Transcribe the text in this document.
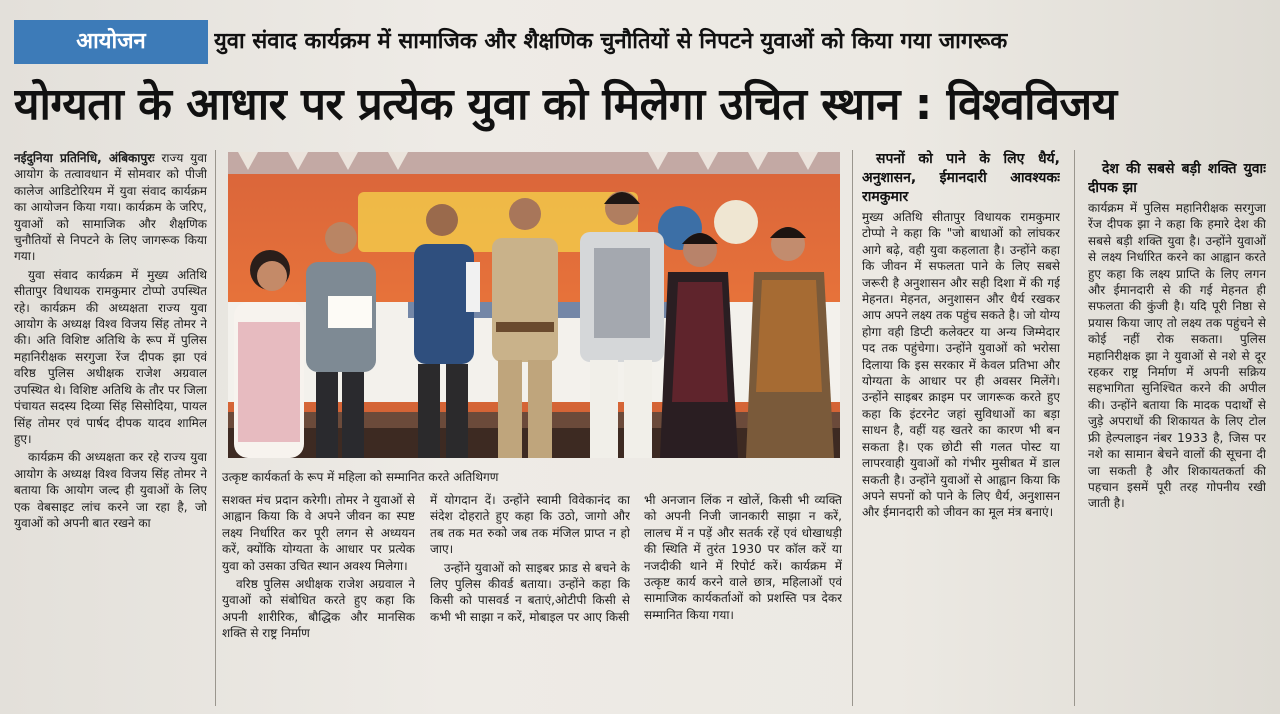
आयोजन	युवा संवाद कार्यक्रम में सामाजिक और शैक्षणिक चुनौतियों से निपटने युवाओं को किया गया जागरूक
योग्यता के आधार पर प्रत्येक युवा को मिलेगा उचित स्थान : विश्वविजय

नईदुनिया प्रतिनिधि, अंबिकापुरः राज्य युवा आयोग के तत्वावधान में सोमवार को पीजी कालेज आडिटोरियम में युवा संवाद कार्यक्रम का आयोजन किया गया। कार्यक्रम के जरिए, युवाओं को सामाजिक और शैक्षणिक चुनौतियों से निपटने के लिए जागरूक किया गया।

युवा संवाद कार्यक्रम में मुख्य अतिथि सीतापुर विधायक रामकुमार टोप्पो उपस्थित रहे। कार्यक्रम की अध्यक्षता राज्य युवा आयोग के अध्यक्ष विश्व विजय सिंह तोमर ने की। अति विशिष्ट अतिथि के रूप में पुलिस महानिरीक्षक सरगुजा रेंज दीपक झा एवं वरिष्ठ पुलिस अधीक्षक राजेश अग्रवाल उपस्थित थे। विशिष्ट अतिथि के तौर पर जिला पंचायत सदस्य दिव्या सिंह सिसोदिया, पायल सिंह तोमर एवं पार्षद दीपक यादव शामिल हुए।

कार्यक्रम की अध्यक्षता कर रहे राज्य युवा आयोग के अध्यक्ष विश्व विजय सिंह तोमर ने बताया कि आयोग जल्द ही युवाओं के लिए एक वेबसाइट लांच करने जा रहा है, जो युवाओं को अपनी बात रखने का

उत्कृष्ट कार्यकर्ता के रूप में महिला को सम्मानित करते अतिथिगण

सशक्त मंच प्रदान करेगी। तोमर ने युवाओं से आह्वान किया कि वे अपने जीवन का स्पष्ट लक्ष्य निर्धारित कर पूरी लगन से अध्ययन करें, क्योंकि योग्यता के आधार पर प्रत्येक युवा को उसका उचित स्थान अवश्य मिलेगा।

वरिष्ठ पुलिस अधीक्षक राजेश अग्रवाल ने युवाओं को संबोधित करते हुए कहा कि अपनी शारीरिक, बौद्धिक और मानसिक शक्ति से राष्ट्र निर्माण

में योगदान दें। उन्होंने स्वामी विवेकानंद का संदेश दोहराते हुए कहा कि उठो, जागो और तब तक मत रुको जब तक मंजिल प्राप्त न हो जाए।

उन्होंने युवाओं को साइबर फ्राड से बचने के लिए पुलिस कीवर्ड बताया। उन्होंने कहा कि किसी को पासवर्ड न बताएं,ओटीपी किसी से कभी भी साझा न करें, मोबाइल पर आए किसी

भी अनजान लिंक न खोलें, किसी भी व्यक्ति को अपनी निजी जानकारी साझा न करें, लालच में न पड़ें और सतर्क रहें एवं धोखाधड़ी की स्थिति में तुरंत 1930 पर कॉल करें या नजदीकी थाने में रिपोर्ट करें। कार्यक्रम में उत्कृष्ट कार्य करने वाले छात्र, महिलाओं एवं सामाजिक कार्यकर्ताओं को प्रशस्ति पत्र देकर सम्मानित किया गया।

सपनों को पाने के लिए धैर्य, अनुशासन, ईमानदारी आवश्यकः रामकुमार

मुख्य अतिथि सीतापुर विधायक रामकुमार टोप्पो ने कहा कि "जो बाधाओं को लांघकर आगे बढ़े, वही युवा कहलाता है। उन्होंने कहा कि जीवन में सफलता पाने के लिए सबसे जरूरी है अनुशासन और सही दिशा में की गई मेहनत। मेहनत, अनुशासन और धैर्य रखकर आप अपने लक्ष्य तक पहुंच सकते है। जो योग्य होगा वही डिप्टी कलेक्टर या अन्य जिम्मेदार पद तक पहुंचेगा। उन्होंने युवाओं को भरोसा दिलाया कि इस सरकार में केवल प्रतिभा और योग्यता के आधार पर ही अवसर मिलेंगे। उन्होंने साइबर क्राइम पर जागरूक करते हुए कहा कि इंटरनेट जहां सुविधाओं का बड़ा साधन है, वहीं यह खतरे का कारण भी बन सकता है। एक छोटी सी गलत पोस्ट या लापरवाही युवाओं को गंभीर मुसीबत में डाल सकती है। उन्होंने युवाओं से आह्वान किया कि अपने सपनों को पाने के लिए धैर्य, अनुशासन और ईमानदारी को जीवन का मूल मंत्र बनाएं।

देश की सबसे बड़ी शक्ति युवाः दीपक झा

कार्यक्रम में पुलिस महानिरीक्षक सरगुजा रेंज दीपक झा ने कहा कि हमारे देश की सबसे बड़ी शक्ति युवा है। उन्होंने युवाओं से लक्ष्य निर्धारित करने का आह्वान करते हुए कहा कि लक्ष्य प्राप्ति के लिए लगन और ईमानदारी से की गई मेहनत ही सफलता की कुंजी है। यदि पूरी निष्ठा से प्रयास किया जाए तो लक्ष्य तक पहुंचने से कोई नहीं रोक सकता। पुलिस महानिरीक्षक झा ने युवाओं से नशे से दूर रहकर राष्ट्र निर्माण में अपनी सक्रिय सहभागिता सुनिश्चित करने की अपील की। उन्होंने बताया कि मादक पदार्थों से जुड़े अपराधों की शिकायत के लिए टोल फ्री हेल्पलाइन नंबर 1933 है, जिस पर नशे का सामान बेचने वालों की सूचना दी जा सकती है और शिकायतकर्ता की पहचान इसमें पूरी तरह गोपनीय रखी जाती है।
